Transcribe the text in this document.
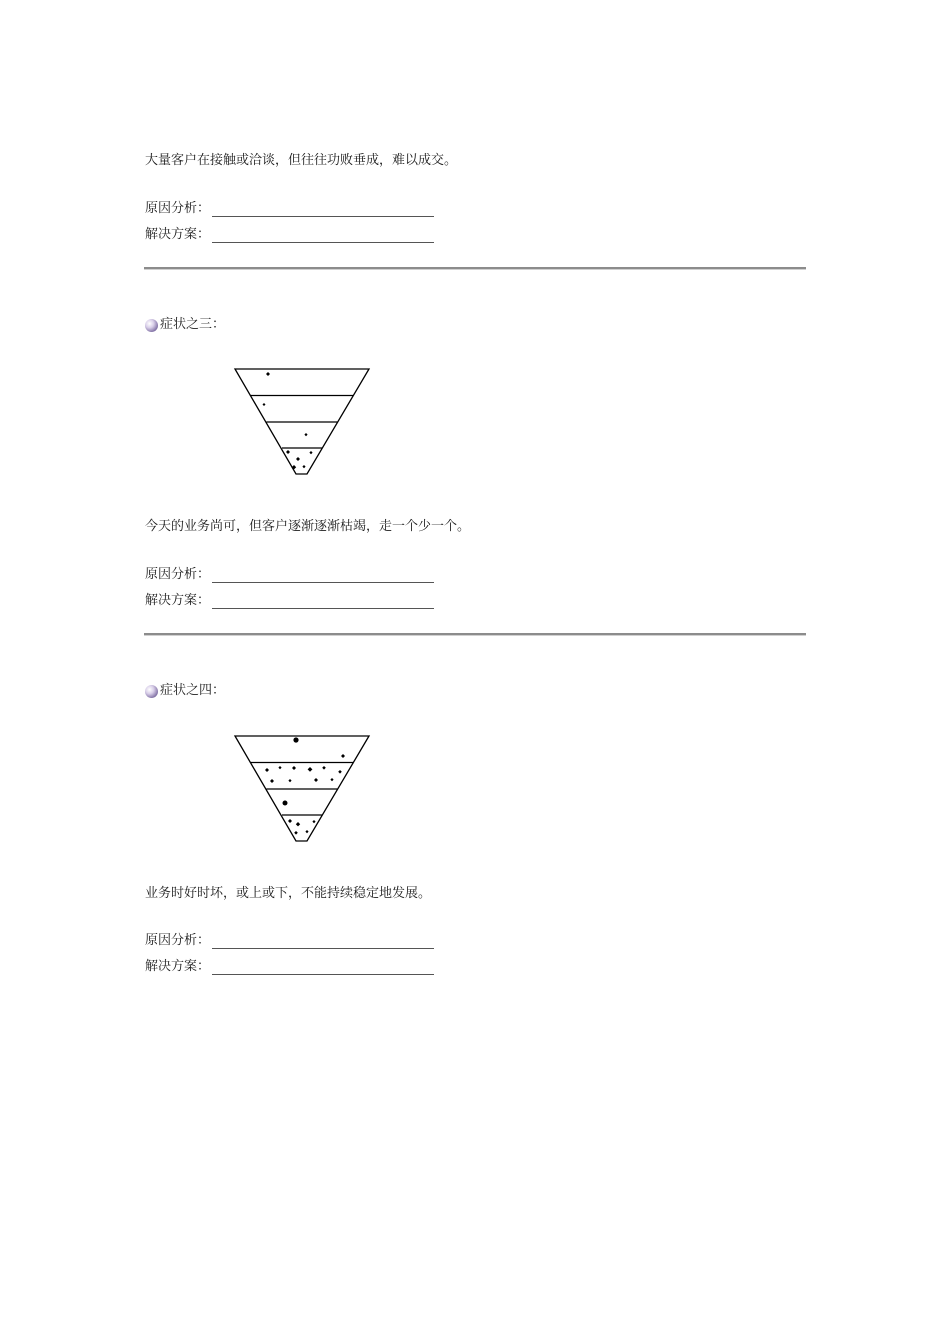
大量客户在接触或洽谈，但往往功败垂成，难以成交。
原因分析：
解决方案：
症状之三：
今天的业务尚可，但客户逐渐逐渐枯竭，走一个少一个。
原因分析：
解决方案：
症状之四：
业务时好时坏，或上或下，不能持续稳定地发展。
原因分析：
解决方案：
